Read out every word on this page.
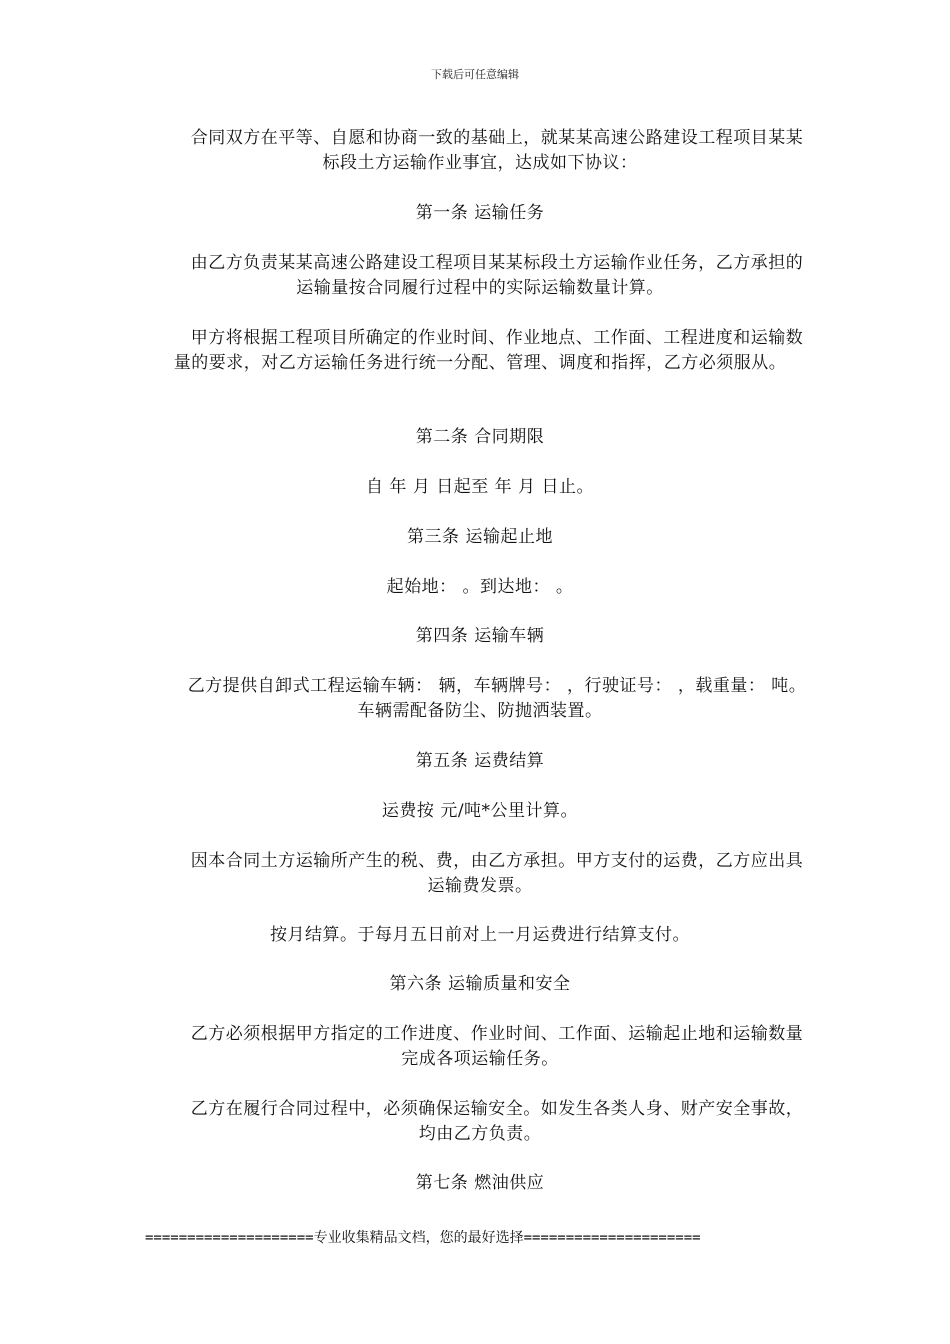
下载后可任意编辑
合同双方在平等、自愿和协商一致的基础上，就某某高速公路建设工程项目某某标段土方运输作业事宜，达成如下协议：
第一条 运输任务
由乙方负责某某高速公路建设工程项目某某标段土方运输作业任务，乙方承担的运输量按合同履行过程中的实际运输数量计算。
甲方将根据工程项目所确定的作业时间、作业地点、工作面、工程进度和运输数量的要求，对乙方运输任务进行统一分配、管理、调度和指挥，乙方必须服从。
第二条 合同期限
自 年 月 日起至 年 月 日止。
第三条 运输起止地
起始地： 。到达地： 。
第四条 运输车辆
乙方提供自卸式工程运输车辆： 辆，车辆牌号： ，行驶证号： ，载重量： 吨。车辆需配备防尘、防抛洒装置。
第五条 运费结算
运费按 元/吨*公里计算。
因本合同土方运输所产生的税、费，由乙方承担。甲方支付的运费，乙方应出具运输费发票。
按月结算。于每月五日前对上一月运费进行结算支付。
第六条 运输质量和安全
乙方必须根据甲方指定的工作进度、作业时间、工作面、运输起止地和运输数量完成各项运输任务。
乙方在履行合同过程中，必须确保运输安全。如发生各类人身、财产安全事故，均由乙方负责。
第七条 燃油供应
====================专业收集精品文档，您的最好选择=====================
